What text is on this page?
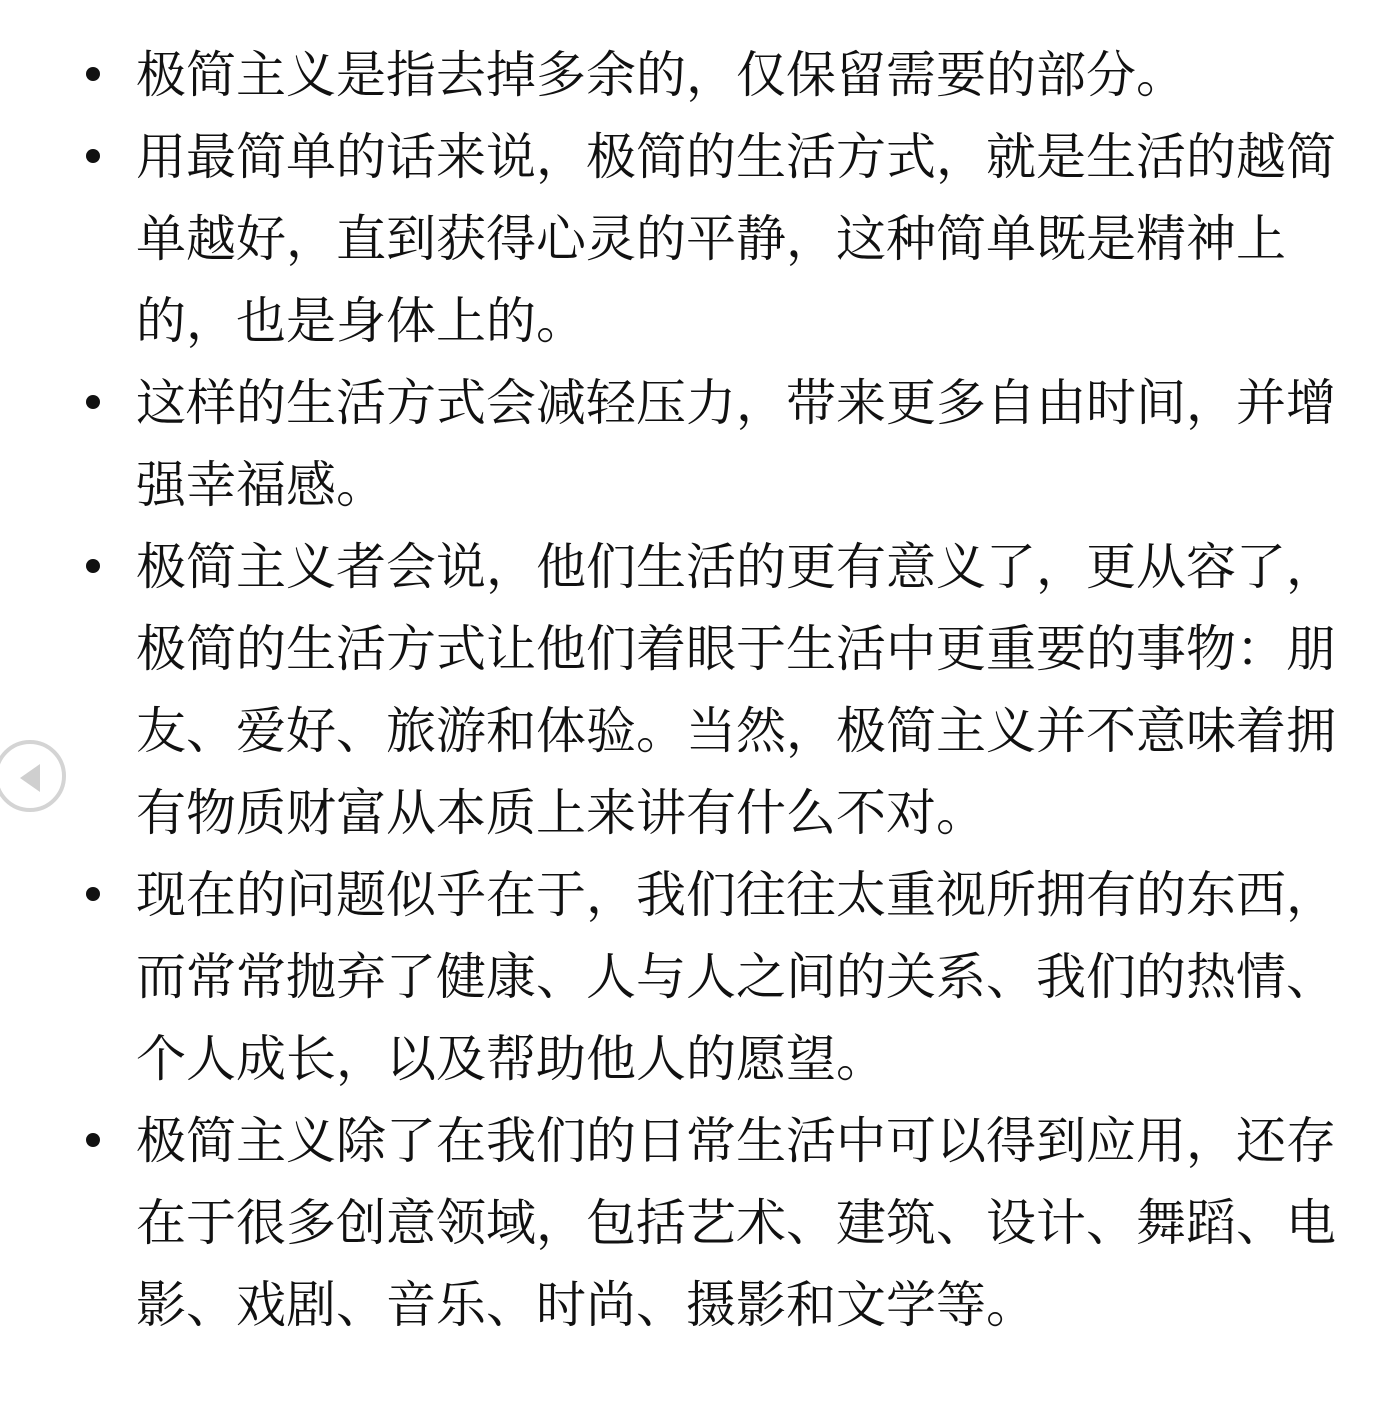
极简主义是指去掉多余的，仅保留需要的部分。
用最简单的话来说，极简的生活方式，就是生活的越简单越好，直到获得心灵的平静，这种简单既是精神上的，也是身体上的。
这样的生活方式会减轻压力，带来更多自由时间，并增强幸福感。
极简主义者会说，他们生活的更有意义了，更从容了，极简的生活方式让他们着眼于生活中更重要的事物：朋友、爱好、旅游和体验。当然，极简主义并不意味着拥有物质财富从本质上来讲有什么不对。
现在的问题似乎在于，我们往往太重视所拥有的东西，而常常抛弃了健康、人与人之间的关系、我们的热情、个人成长，以及帮助他人的愿望。
极简主义除了在我们的日常生活中可以得到应用，还存在于很多创意领域，包括艺术、建筑、设计、舞蹈、电影、戏剧、音乐、时尚、摄影和文学等。
